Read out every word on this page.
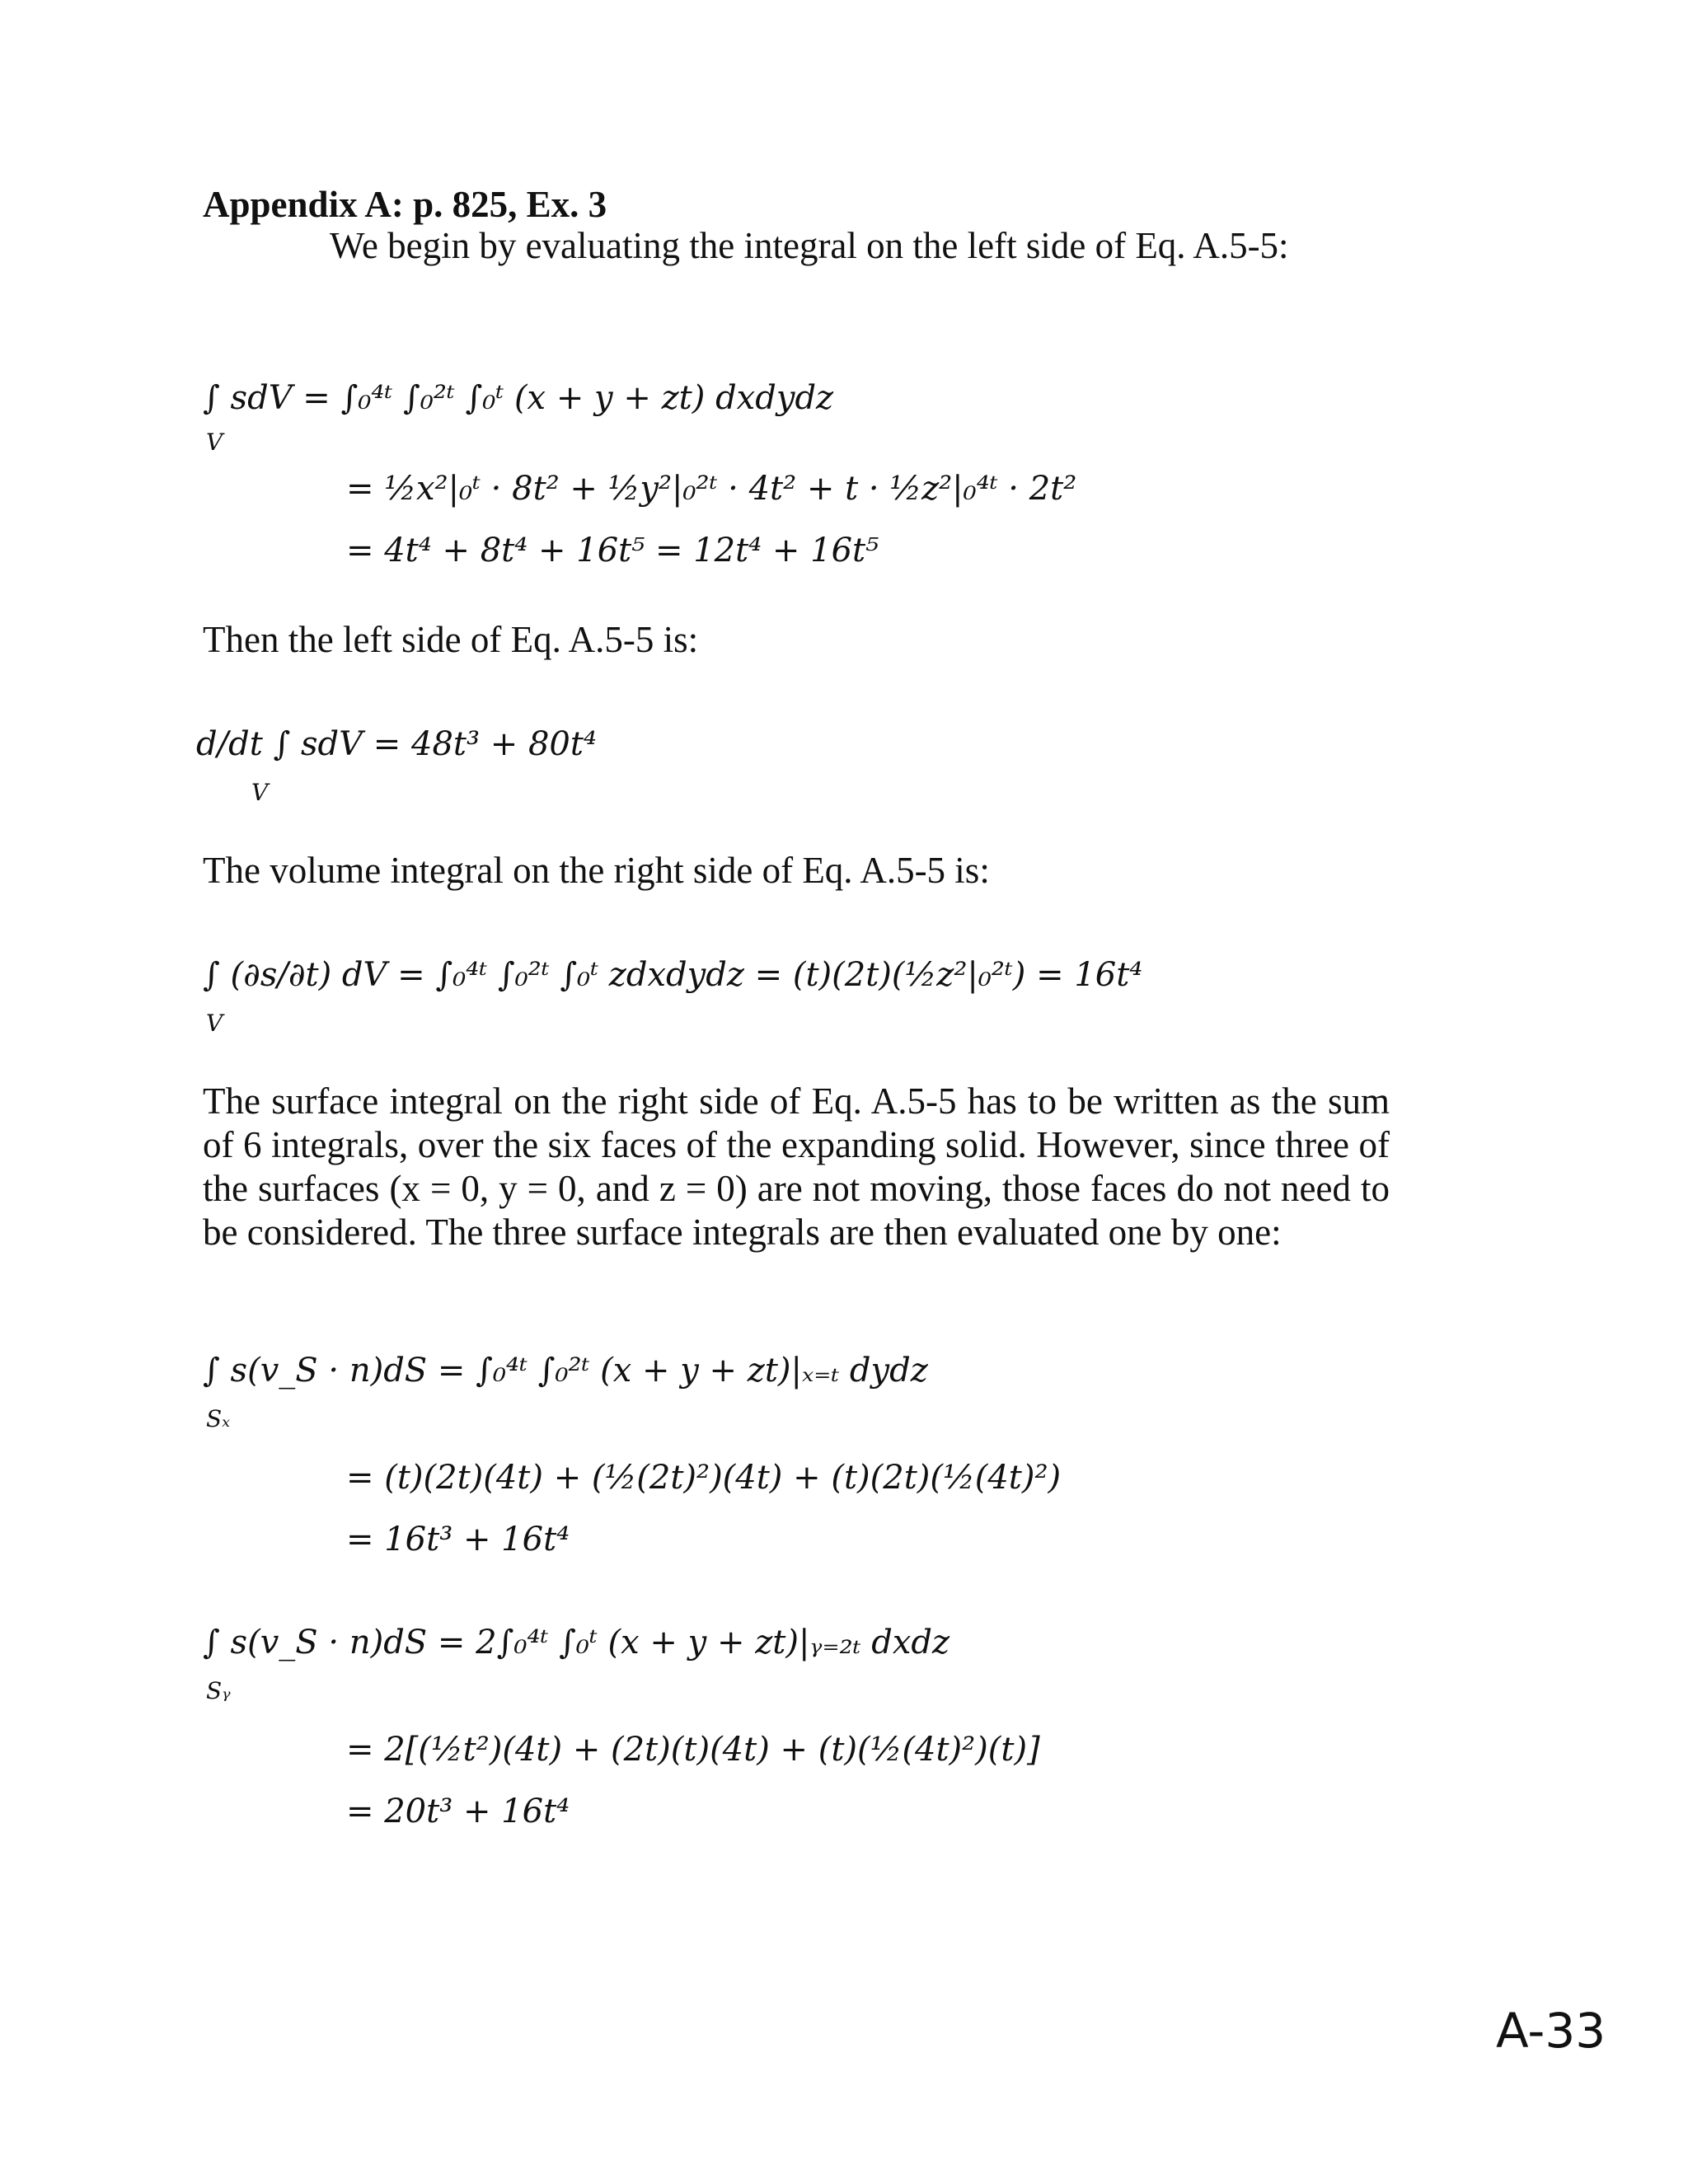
Appendix A: p. 825, Ex. 3
We begin by evaluating the integral on the left side of Eq. A.5-5:
∫ sdV = ∫₀⁴ᵗ ∫₀²ᵗ ∫₀ᵗ (x + y + zt) dxdydz
V
= ½x²|₀ᵗ · 8t² + ½y²|₀²ᵗ · 4t² + t · ½z²|₀⁴ᵗ · 2t²
= 4t⁴ + 8t⁴ + 16t⁵ = 12t⁴ + 16t⁵
Then the left side of Eq. A.5-5 is:
d/dt ∫ sdV = 48t³ + 80t⁴
V
The volume integral on the right side of Eq. A.5-5 is:
∫ (∂s/∂t) dV = ∫₀⁴ᵗ ∫₀²ᵗ ∫₀ᵗ zdxdydz = (t)(2t)(½z²|₀²ᵗ) = 16t⁴
V
The surface integral on the right side of Eq. A.5-5 has to be written as the sum of 6 integrals, over the six faces of the expanding solid. However, since three of the surfaces (x = 0, y = 0, and z = 0) are not moving, those faces do not need to be considered. The three surface integrals are then evaluated one by one:
∫ s(v_S · n)dS = ∫₀⁴ᵗ ∫₀²ᵗ (x + y + zt)|ₓ₌ₜ dydz
Sₓ
= (t)(2t)(4t) + (½(2t)²)(4t) + (t)(2t)(½(4t)²)
= 16t³ + 16t⁴
∫ s(v_S · n)dS = 2∫₀⁴ᵗ ∫₀ᵗ (x + y + zt)|ᵧ₌₂ₜ dxdz
Sᵧ
= 2[(½t²)(4t) + (2t)(t)(4t) + (t)(½(4t)²)(t)]
= 20t³ + 16t⁴
A-33
